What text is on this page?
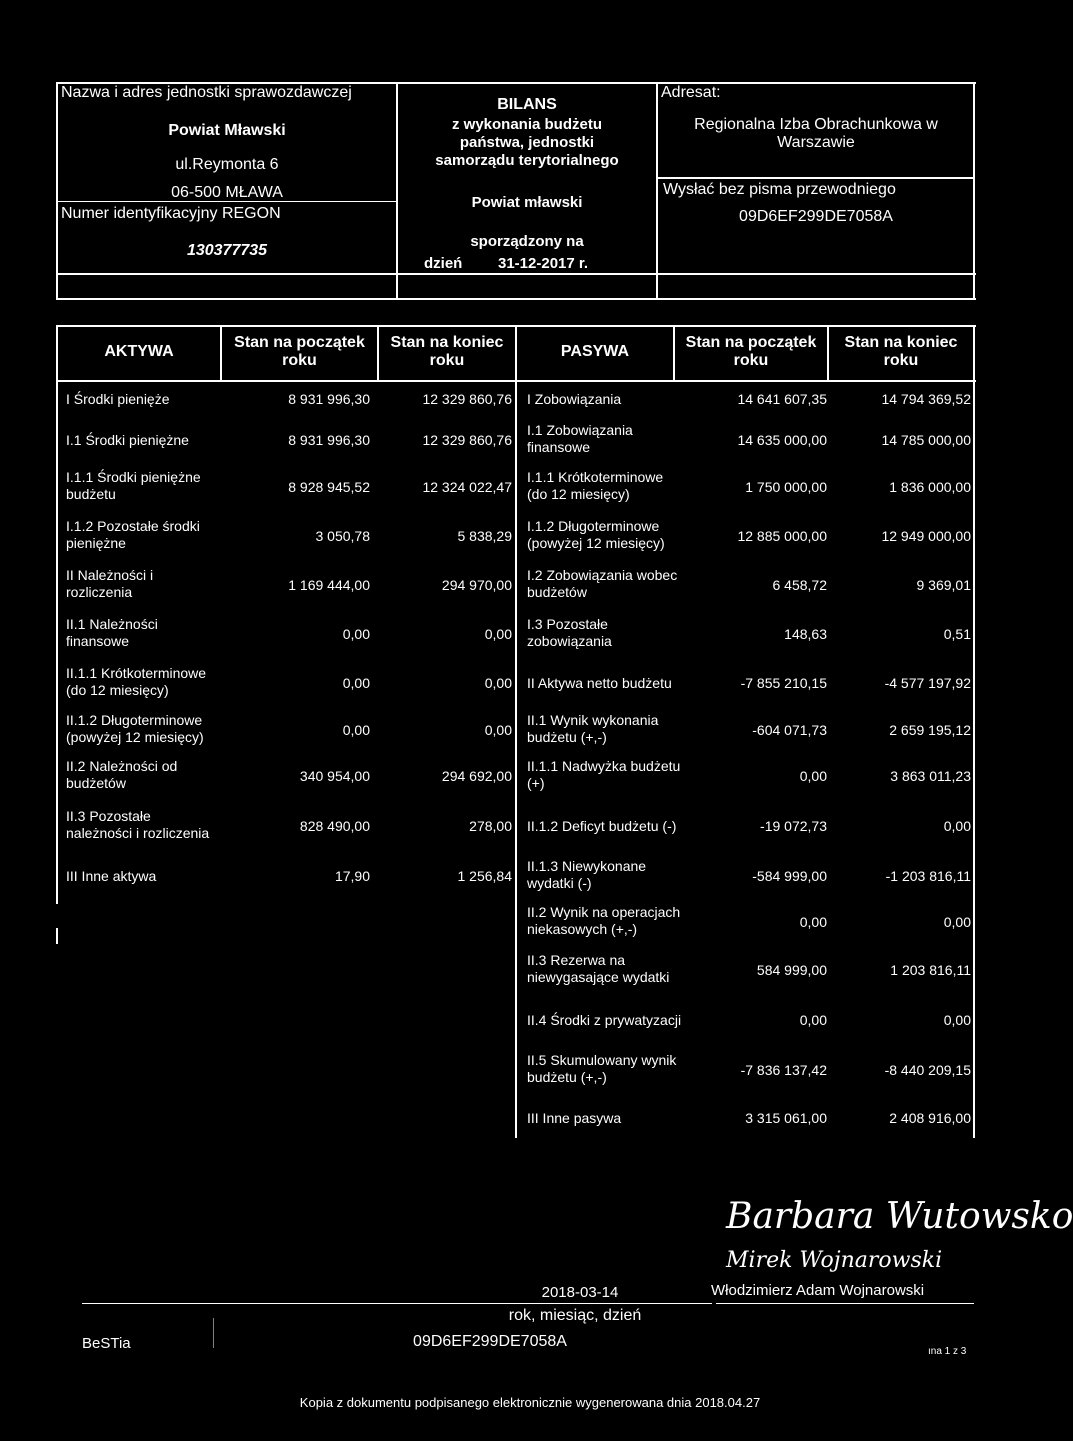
Nazwa i adres jednostki sprawozdawczej
Powiat Mławski
ul.Reymonta 6
06-500 MŁAWA
Numer identyfikacyjny REGON
130377735
BILANS
z wykonania budżetu
państwa, jednostki
samorządu terytorialnego
Powiat mławski
sporządzony na
dzień 31-12-2017 r.
Adresat:
Regionalna Izba Obrachunkowa w
Warszawie
Wysłać bez pisma przewodniego
09D6EF299DE7058A
AKTYWA
Stan na początek
roku
Stan na koniec
roku
PASYWA
Stan na początek
roku
Stan na koniec
roku
I Środki pienięże	8 931 996,30	12 329 860,76
I.1 Środki pieniężne	8 931 996,30	12 329 860,76
I.1.1 Środki pieniężne
budżetu	8 928 945,52	12 324 022,47
I.1.2 Pozostałe środki
pieniężne	3 050,78	5 838,29
II Należności i
rozliczenia	1 169 444,00	294 970,00
II.1 Należności
finansowe	0,00	0,00
II.1.1 Krótkoterminowe
(do 12 miesięcy)	0,00	0,00
II.1.2 Długoterminowe
(powyżej 12 miesięcy)	0,00	0,00
II.2 Należności od
budżetów	340 954,00	294 692,00
II.3 Pozostałe
należności i rozliczenia	828 490,00	278,00
III Inne aktywa	17,90	1 256,84
I Zobowiązania	14 641 607,35	14 794 369,52
I.1 Zobowiązania
finansowe	14 635 000,00	14 785 000,00
I.1.1 Krótkoterminowe
(do 12 miesięcy)	1 750 000,00	1 836 000,00
I.1.2 Długoterminowe
(powyżej 12 miesięcy)	12 885 000,00	12 949 000,00
I.2 Zobowiązania wobec
budżetów	6 458,72	9 369,01
I.3 Pozostałe
zobowiązania	148,63	0,51
II Aktywa netto budżetu	-7 855 210,15	-4 577 197,92
II.1 Wynik wykonania
budżetu (+,-)	-604 071,73	2 659 195,12
II.1.1 Nadwyżka budżetu
(+)	0,00	3 863 011,23
II.1.2 Deficyt budżetu (-)	-19 072,73	0,00
II.1.3 Niewykonane
wydatki (-)	-584 999,00	-1 203 816,11
II.2 Wynik na operacjach
niekasowych (+,-)	0,00	0,00
II.3 Rezerwa na
niewygasające wydatki	584 999,00	1 203 816,11
II.4 Środki z prywatyzacji	0,00	0,00
II.5 Skumulowany wynik
budżetu (+,-)	-7 836 137,42	-8 440 209,15
III Inne pasywa	3 315 061,00	2 408 916,00
Barbara Wutowsko
Mirek Wojnarowski
2018-03-14	Włodzimierz Adam Wojnarowski
rok, miesiąc, dzień
BeSTia	09D6EF299DE7058A
ına 1 z 3
Kopia z dokumentu podpisanego elektronicznie wygenerowana dnia 2018.04.27
